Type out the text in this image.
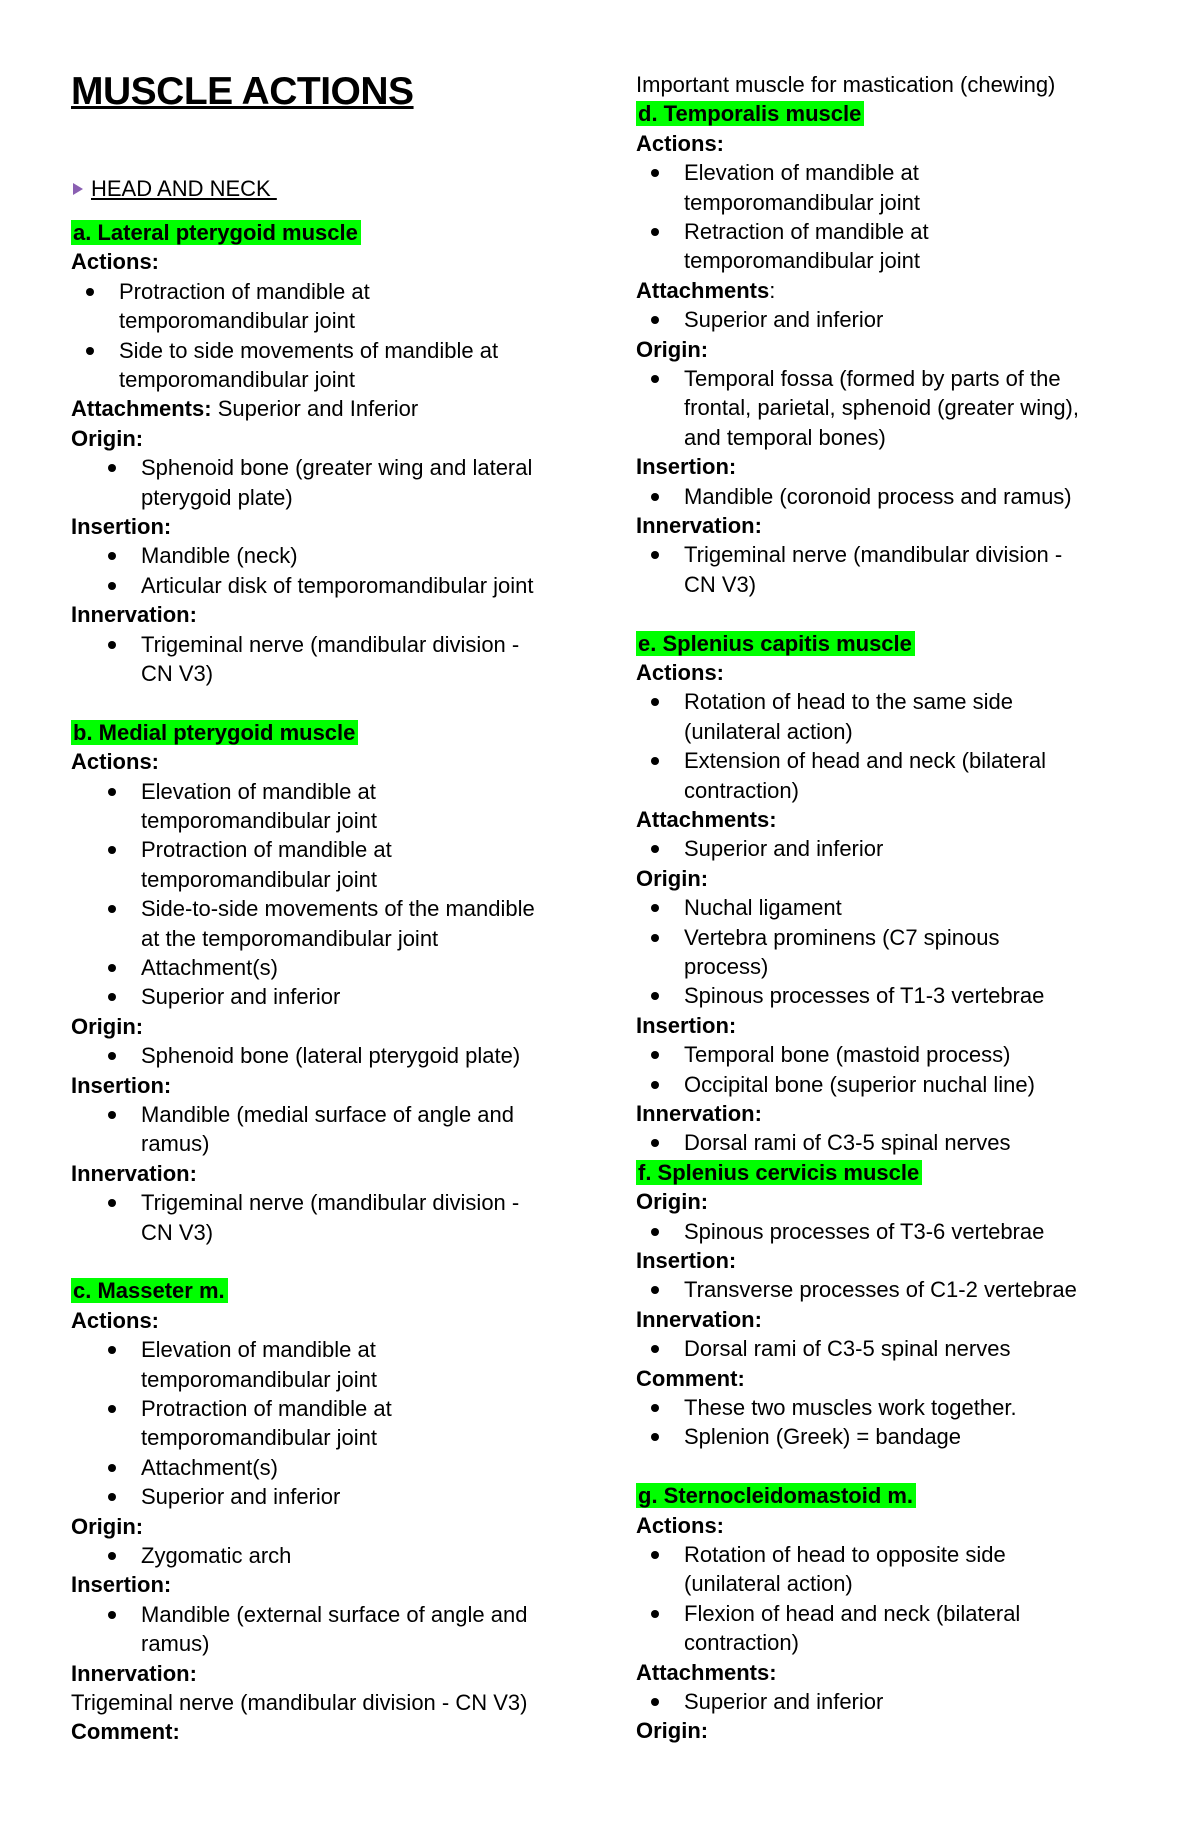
MUSCLE ACTIONS
HEAD AND NECK
a. Lateral pterygoid muscle
Actions:
Protraction of mandible at
temporomandibular joint
Side to side movements of mandible at
temporomandibular joint
Attachments: Superior and Inferior
Origin:
Sphenoid bone (greater wing and lateral
pterygoid plate)
Insertion:
Mandible (neck)
Articular disk of temporomandibular joint
Innervation:
Trigeminal nerve (mandibular division -
CN V3)
b. Medial pterygoid muscle
Actions:
Elevation of mandible at
temporomandibular joint
Protraction of mandible at
temporomandibular joint
Side-to-side movements of the mandible
at the temporomandibular joint
Attachment(s)
Superior and inferior
Origin:
Sphenoid bone (lateral pterygoid plate)
Insertion:
Mandible (medial surface of angle and
ramus)
Innervation:
Trigeminal nerve (mandibular division -
CN V3)
c. Masseter m.
Actions:
Elevation of mandible at
temporomandibular joint
Protraction of mandible at
temporomandibular joint
Attachment(s)
Superior and inferior
Origin:
Zygomatic arch
Insertion:
Mandible (external surface of angle and
ramus)
Innervation:
Trigeminal nerve (mandibular division - CN V3)
Comment:
Important muscle for mastication (chewing)
d. Temporalis muscle
Actions:
Elevation of mandible at
temporomandibular joint
Retraction of mandible at
temporomandibular joint
Attachments:
Superior and inferior
Origin:
Temporal fossa (formed by parts of the
frontal, parietal, sphenoid (greater wing),
and temporal bones)
Insertion:
Mandible (coronoid process and ramus)
Innervation:
Trigeminal nerve (mandibular division -
CN V3)
e. Splenius capitis muscle
Actions:
Rotation of head to the same side
(unilateral action)
Extension of head and neck (bilateral
contraction)
Attachments:
Superior and inferior
Origin:
Nuchal ligament
Vertebra prominens (C7 spinous
process)
Spinous processes of T1-3 vertebrae
Insertion:
Temporal bone (mastoid process)
Occipital bone (superior nuchal line)
Innervation:
Dorsal rami of C3-5 spinal nerves
f. Splenius cervicis muscle
Origin:
Spinous processes of T3-6 vertebrae
Insertion:
Transverse processes of C1-2 vertebrae
Innervation:
Dorsal rami of C3-5 spinal nerves
Comment:
These two muscles work together.
Splenion (Greek) = bandage
g. Sternocleidomastoid m.
Actions:
Rotation of head to opposite side
(unilateral action)
Flexion of head and neck (bilateral
contraction)
Attachments:
Superior and inferior
Origin:
